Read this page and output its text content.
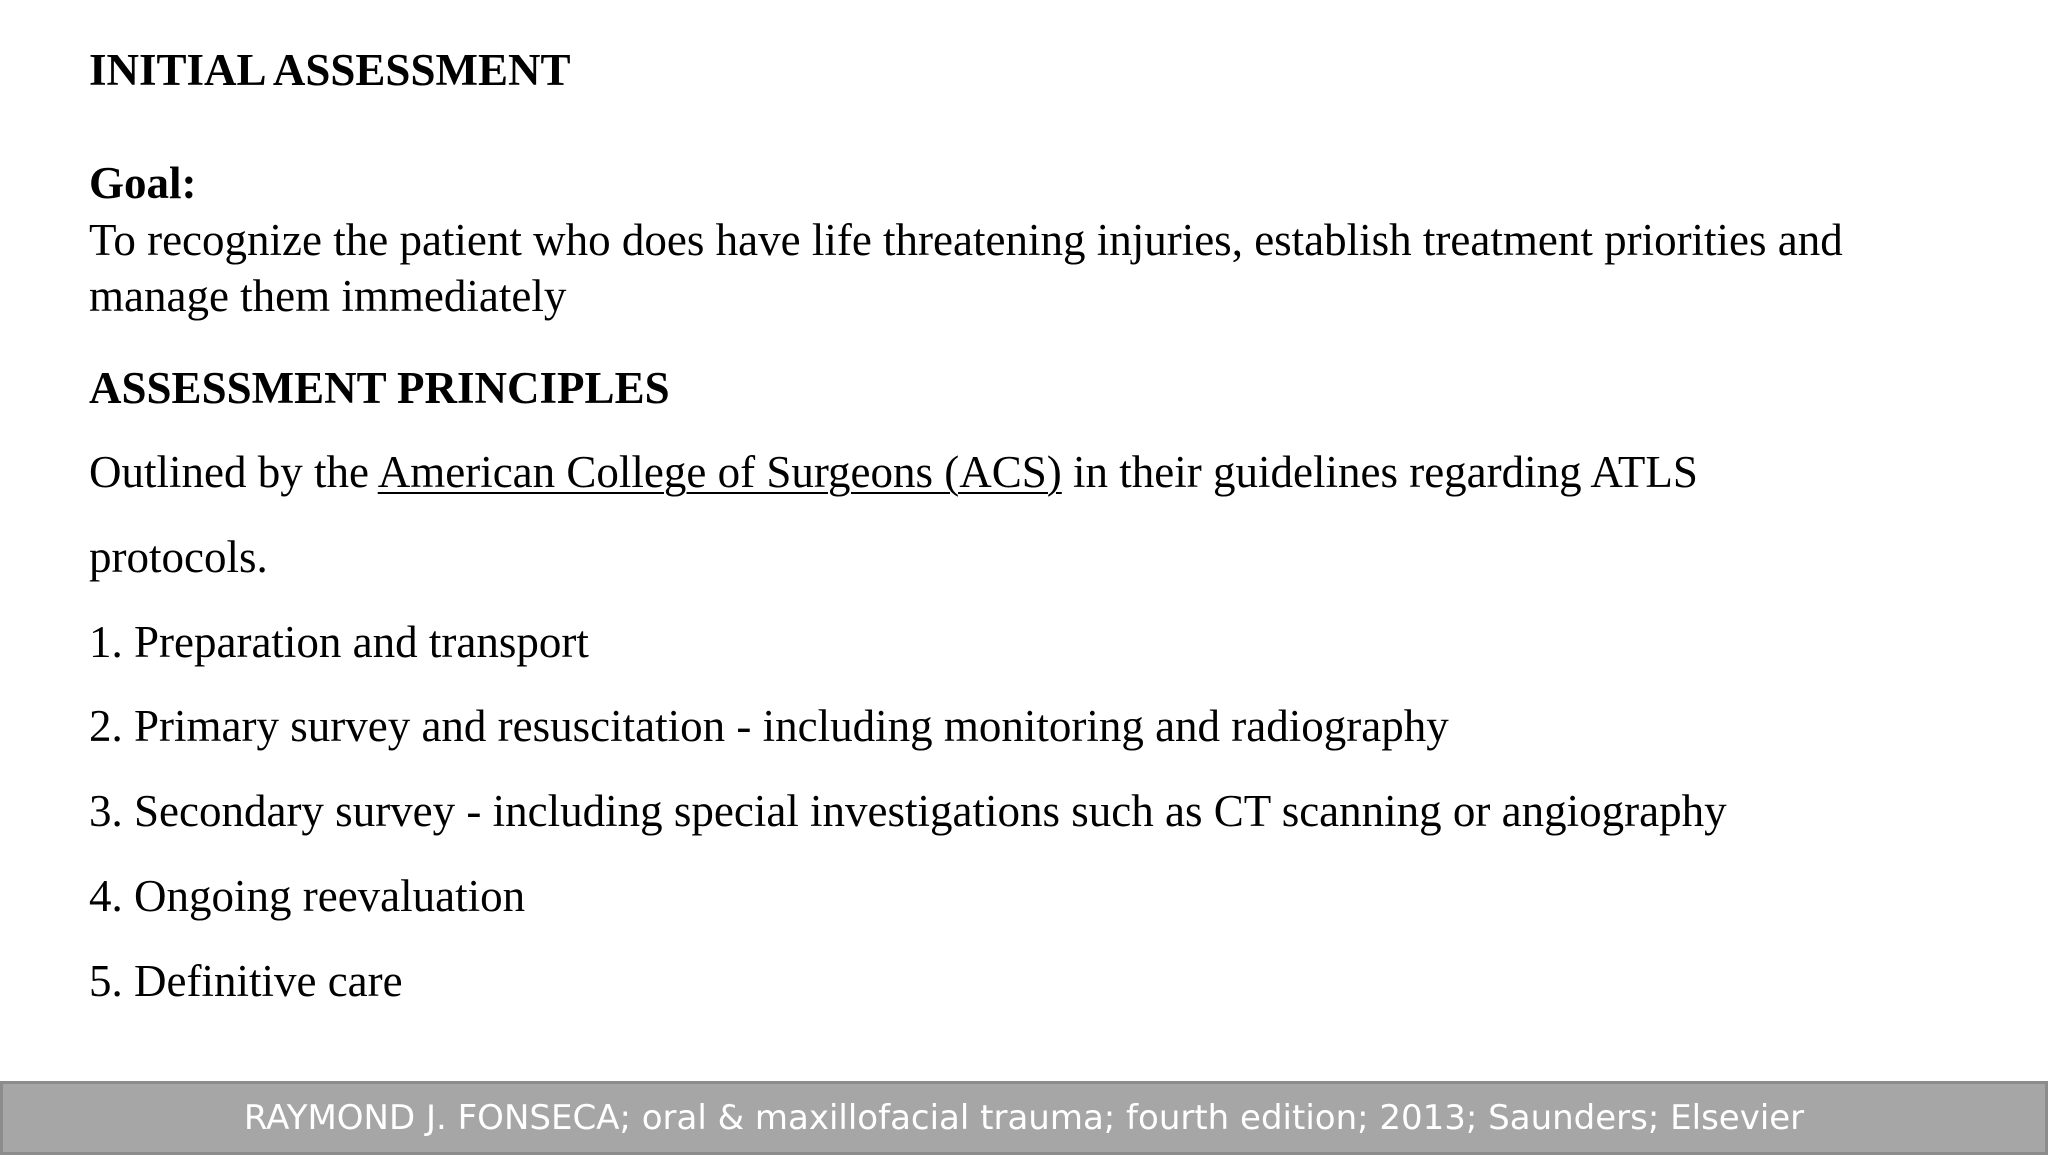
INITIAL ASSESSMENT
Goal:
To recognize the patient who does have life threatening injuries, establish treatment priorities and
manage them immediately
ASSESSMENT PRINCIPLES
Outlined by the American College of Surgeons (ACS) in their guidelines regarding ATLS
protocols.
1. Preparation and transport
2. Primary survey and resuscitation - including monitoring and radiography
3. Secondary survey - including special investigations such as CT scanning or angiography
4. Ongoing reevaluation
5. Definitive care
RAYMOND J. FONSECA; oral & maxillofacial trauma; fourth edition; 2013; Saunders; Elsevier
